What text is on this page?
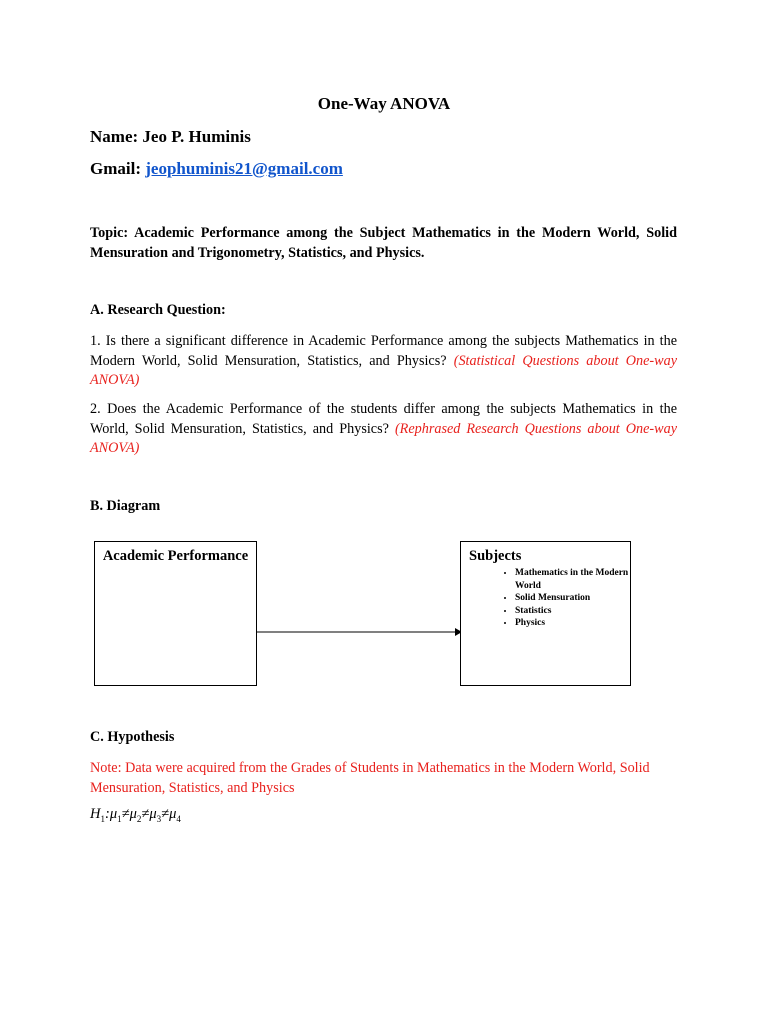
One-Way ANOVA
Name: Jeo P. Huminis
Gmail: jeophuminis21@gmail.com
Topic: Academic Performance among the Subject Mathematics in the Modern World, Solid Mensuration and Trigonometry, Statistics, and Physics.
A. Research Question:
1. Is there a significant difference in Academic Performance among the subjects Mathematics in the Modern World, Solid Mensuration, Statistics, and Physics? (Statistical Questions about One-way ANOVA)
2. Does the Academic Performance of the students differ among the subjects Mathematics in the World, Solid Mensuration, Statistics, and Physics? (Rephrased Research Questions about One-way ANOVA)
B. Diagram
Academic Performance	Subjects
• Mathematics in the Modern World
• Solid Mensuration
• Statistics
• Physics
C. Hypothesis
Note: Data were acquired from the Grades of Students in Mathematics in the Modern World, Solid Mensuration, Statistics, and Physics
$H_1:\mu_1\ne\mu_2\ne\mu_3\ne\mu_4$
